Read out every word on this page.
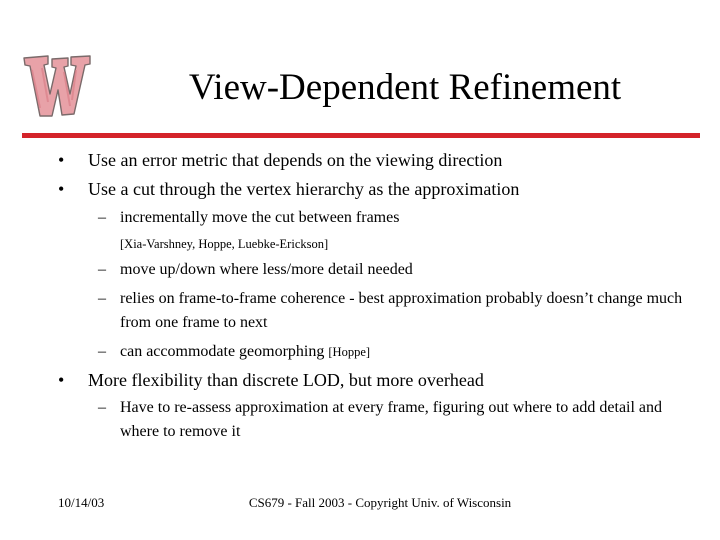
View-Dependent Refinement
• Use an error metric that depends on the viewing direction
• Use a cut through the vertex hierarchy as the approximation
– incrementally move the cut between frames
[Xia-Varshney, Hoppe, Luebke-Erickson]
– move up/down where less/more detail needed
– relies on frame-to-frame coherence - best approximation probably doesn’t change much from one frame to next
– can accommodate geomorphing [Hoppe]
• More flexibility than discrete LOD, but more overhead
– Have to re-assess approximation at every frame, figuring out where to add detail and where to remove it
10/14/03	CS679 - Fall 2003 - Copyright Univ. of Wisconsin
